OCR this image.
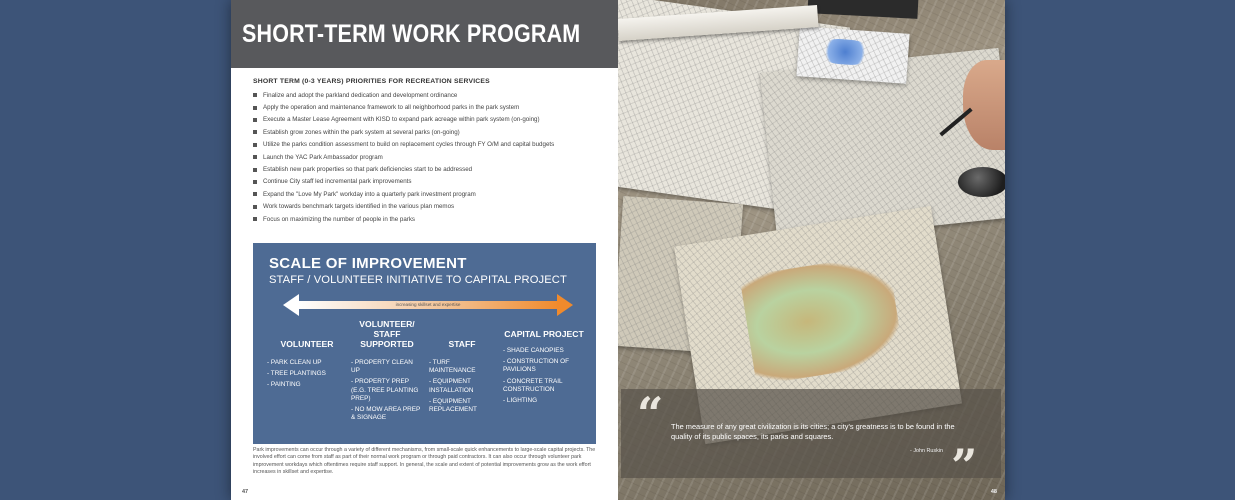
SHORT-TERM WORK PROGRAM
SHORT TERM (0-3 YEARS) PRIORITIES FOR RECREATION SERVICES
Finalize and adopt the parkland dedication and development ordinance
Apply the operation and maintenance framework to all neighborhood parks in the park system
Execute a Master Lease Agreement with KISD to expand park acreage within park system (on-going)
Establish grow zones within the park system at several parks (on-going)
Utilize the parks condition assessment to build on replacement cycles through FY O/M and capital budgets
Launch the YAC Park Ambassador program
Establish new park properties so that park deficiencies start to be addressed
Continue City staff led incremental park improvements
Expand the "Love My Park" workday into a quarterly park investment program
Work towards benchmark targets identified in the various plan memos
Focus on maximizing the number of people in the parks
SCALE OF IMPROVEMENT
STAFF / VOLUNTEER INITIATIVE TO CAPITAL PROJECT
increasing skillset and expertise
VOLUNTEER
- PARK CLEAN UP
- TREE PLANTINGS
- PAINTING
VOLUNTEER/ STAFF SUPPORTED
- PROPERTY CLEAN UP
- PROPERTY PREP (E.G. TREE PLANTING PREP)
- NO MOW AREA PREP & SIGNAGE
STAFF
- TURF MAINTENANCE
- EQUIPMENT INSTALLATION
- EQUIPMENT REPLACEMENT
CAPITAL PROJECT
- SHADE CANOPIES
- CONSTRUCTION OF PAVILIONS
- CONCRETE TRAIL CONSTRUCTION
- LIGHTING

Park improvements can occur through a variety of different mechanisms, from small-scale quick enhancements to large-scale capital projects. The involved effort can come from staff as part of their normal work program or through paid contractors. It can also occur through volunteer park improvement workdays which oftentimes require staff support. In general, the scale and extent of potential improvements grow as the work effort increases in skillset and expertise.

47
“ The measure of any great civilization is its cities; a city's greatness is to be found in the quality of its public spaces, its parks and squares.

- John Ruskin ” 48
